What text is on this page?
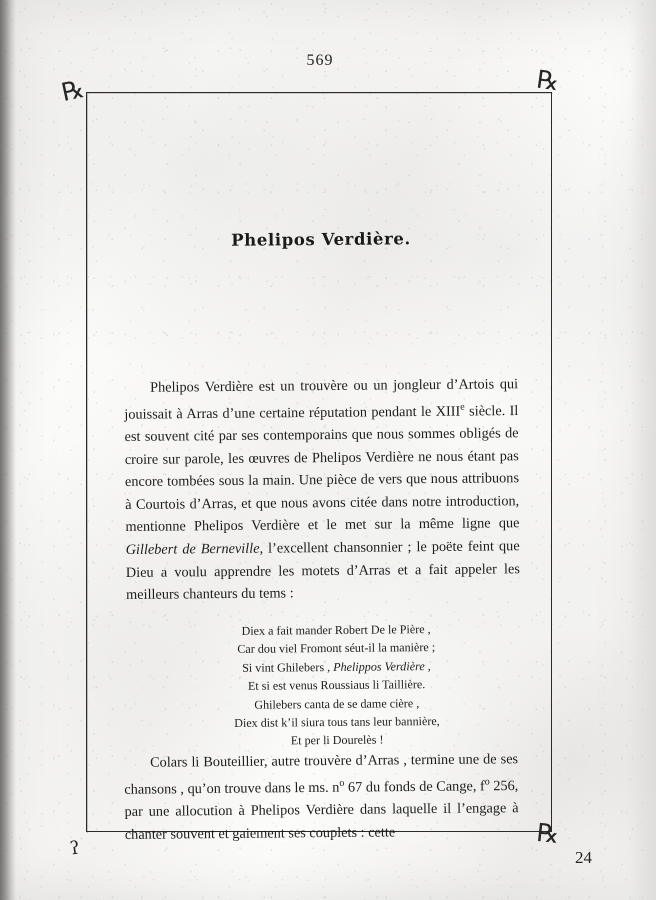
569
℞	℞
ʔ	℞
Phelipos Verdière.

Phelipos Verdière est un trouvère ou un jongleur d’Artois qui jouissait à Arras d’une certaine réputation pendant le XIIIe siècle. Il est souvent cité par ses contemporains que nous sommes obligés de croire sur parole, les œuvres de Phelipos Verdière ne nous étant pas encore tombées sous la main. Une pièce de vers que nous attribuons à Courtois d’Arras, et que nous avons citée dans notre introduction, mentionne Phelipos Verdière et le met sur la même ligne que Gillebert de Berneville, l’excellent chansonnier ; le poëte feint que Dieu a voulu apprendre les motets d’Arras et a fait appeler les meilleurs chanteurs du tems :

Diex a fait mander Robert De le Pière ,
Car dou viel Fromont séut-il la manière ;
Si vint Ghilebers , Phelippos Verdière ,
Et si est venus Roussiaus li Taillière.
Ghilebers canta de se dame cière ,
Diex dist k’il siura tous tans leur bannière,
Et per li Dourelès !

Colars li Bouteillier, autre trouvère d’Arras , termine une de ses chansons , qu’on trouve dans le ms. $n^o$ 67 du fonds de Cange, $f^o$ 256, par une allocution à Phelipos Verdière dans laquelle il l’engage à chanter souvent et gaiement ses couplets : cette

24
